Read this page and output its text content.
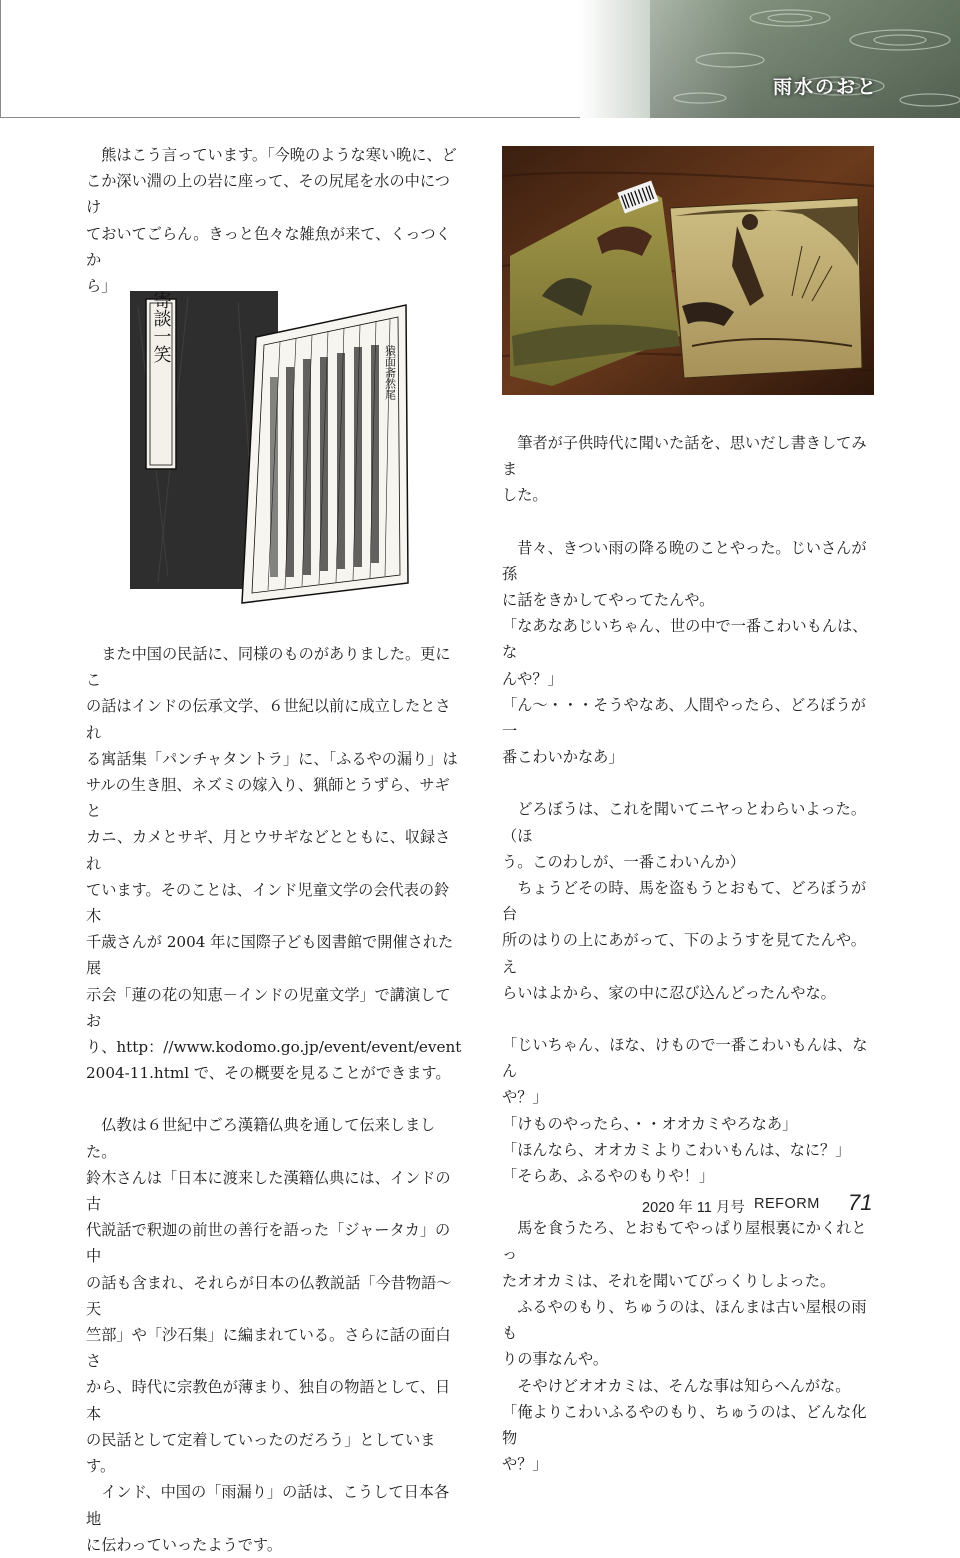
雨水のおと

熊はこう言っています。「今晩のような寒い晩に、ど

こか深い淵の上の岩に座って、その尻尾を水の中につけ

ておいてごらん。きっと色々な雑魚が来て、くっつくか

ら」

寄談一笑
猿面斋然尾

また中国の民話に、同様のものがありました。更にこ

の話はインドの伝承文学、６世紀以前に成立したとされ

る寓話集「パンチャタントラ」に、「ふるやの漏り」は

サルの生き胆、ネズミの嫁入り、猟師とうずら、サギと

カニ、カメとサギ、月とウサギなどとともに、収録され

ています。そのことは、インド児童文学の会代表の鈴木

千歳さんが 2004 年に国際子ども図書館で開催された展

示会「蓮の花の知恵－インドの児童文学」で講演してお

り、http：//www.kodomo.go.jp/event/event/event

2004-11.html で、その概要を見ることができます。

仏教は６世紀中ごろ漢籍仏典を通して伝来しました。

鈴木さんは「日本に渡来した漢籍仏典には、インドの古

代説話で釈迦の前世の善行を語った「ジャータカ」の中

の話も含まれ、それらが日本の仏教説話「今昔物語～天

竺部」や「沙石集」に編まれている。さらに話の面白さ

から、時代に宗教色が薄まり、独自の物語として、日本

の民話として定着していったのだろう」としています。

インド、中国の「雨漏り」の話は、こうして日本各地

に伝わっていったようです。

筆者が子供時代に聞いた話を、思いだし書きしてみま

した。

昔々、きつい雨の降る晩のことやった。じいさんが孫

に話をきかしてやってたんや。

「なあなあじいちゃん、世の中で一番こわいもんは、な

んや？」

「ん～・・・そうやなあ、人間やったら、どろぼうが一

番こわいかなあ」

どろぼうは、これを聞いてニヤっとわらいよった。（ほ

う。このわしが、一番こわいんか）

ちょうどその時、馬を盗もうとおもて、どろぼうが台

所のはりの上にあがって、下のようすを見てたんや。え

らいはよから、家の中に忍び込んどったんやな。

「じいちゃん、ほな、けもので一番こわいもんは、なん

や？」

「けものやったら、・・オオカミやろなあ」

「ほんなら、オオカミよりこわいもんは、なに？」

「そらあ、ふるやのもりや！」

馬を食うたろ、とおもてやっぱり屋根裏にかくれとっ

たオオカミは、それを聞いてびっくりしよった。

ふるやのもり、ちゅうのは、ほんまは古い屋根の雨も

りの事なんや。

そやけどオオカミは、そんな事は知らへんがな。

「俺よりこわいふるやのもり、ちゅうのは、どんな化物

や？」

2020 年 11 月号 REFORM 71
